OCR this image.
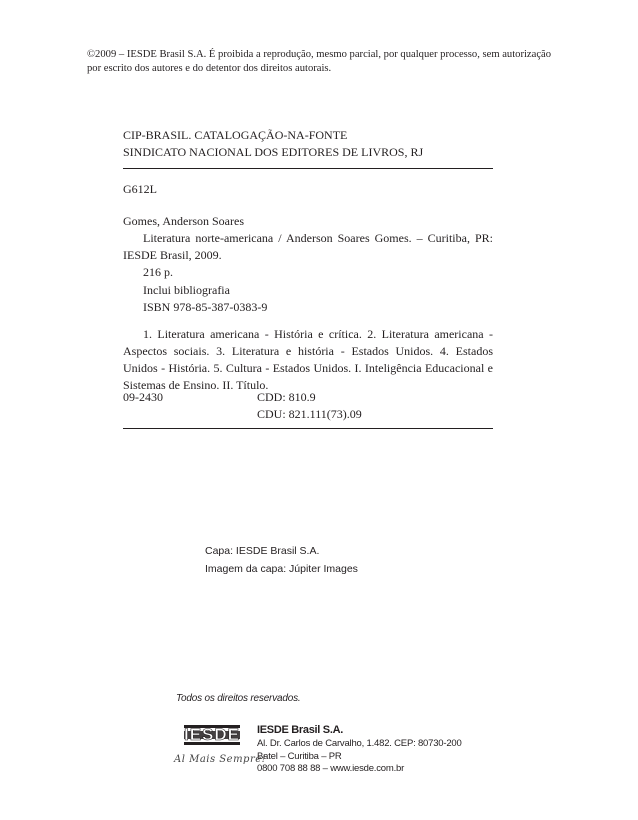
©2009 – IESDE Brasil S.A. É proibida a reprodução, mesmo parcial, por qualquer processo, sem autorização
por escrito dos autores e do detentor dos direitos autorais.
CIP-BRASIL. CATALOGAÇÃO-NA-FONTE
SINDICATO NACIONAL DOS EDITORES DE LIVROS, RJ
G612L
Gomes, Anderson Soares
Literatura norte-americana / Anderson Soares Gomes. – Curitiba, PR: IESDE Brasil, 2009.
216 p.
Inclui bibliografia
ISBN 978-85-387-0383-9
1. Literatura americana - História e crítica. 2. Literatura americana - Aspectos sociais. 3. Literatura e história - Estados Unidos. 4. Estados Unidos - História. 5. Cultura - Estados Unidos. I. Inteligência Educacional e Sistemas de Ensino. II. Título.
09-2430	CDD: 810.9
CDU: 821.111(73).09
Capa: IESDE Brasil S.A.
Imagem da capa: Júpiter Images
Todos os direitos reservados.
IESDE
Al Mais Sempre!
IESDE Brasil S.A.
Al. Dr. Carlos de Carvalho, 1.482. CEP: 80730-200
Batel – Curitiba – PR
0800 708 88 88 – www.iesde.com.br
